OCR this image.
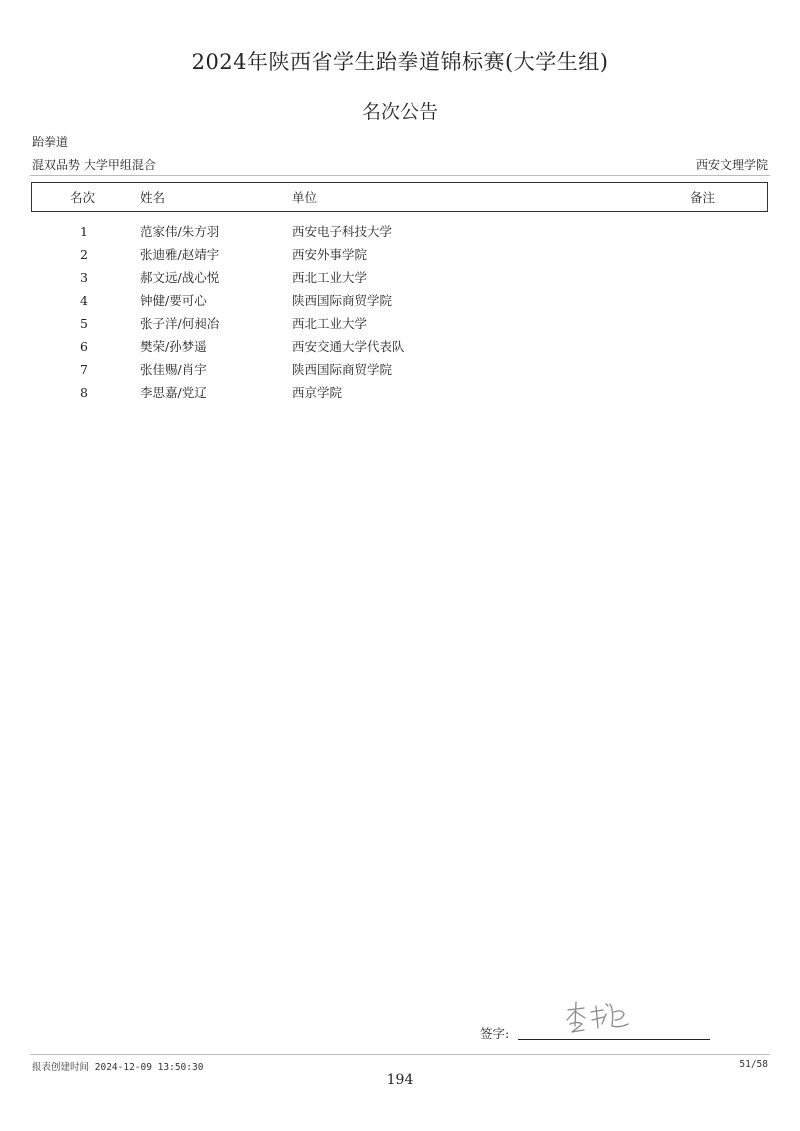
2024年陕西省学生跆拳道锦标赛(大学生组)
名次公告
跆拳道
混双品势 大学甲组混合	西安文理学院
名次	姓名	单位	备注
1	范家伟/朱方羽	西安电子科技大学
2	张迪雅/赵靖宇	西安外事学院
3	郝文远/战心悦	西北工业大学
4	钟健/要可心	陕西国际商贸学院
5	张子洋/何昶冶	西北工业大学
6	樊荣/孙梦遥	西安交通大学代表队
7	张佳赐/肖宇	陕西国际商贸学院
8	李思嘉/党辽	西京学院
签字:
报表创建时间 2024-12-09 13:50:30	51/58
194
